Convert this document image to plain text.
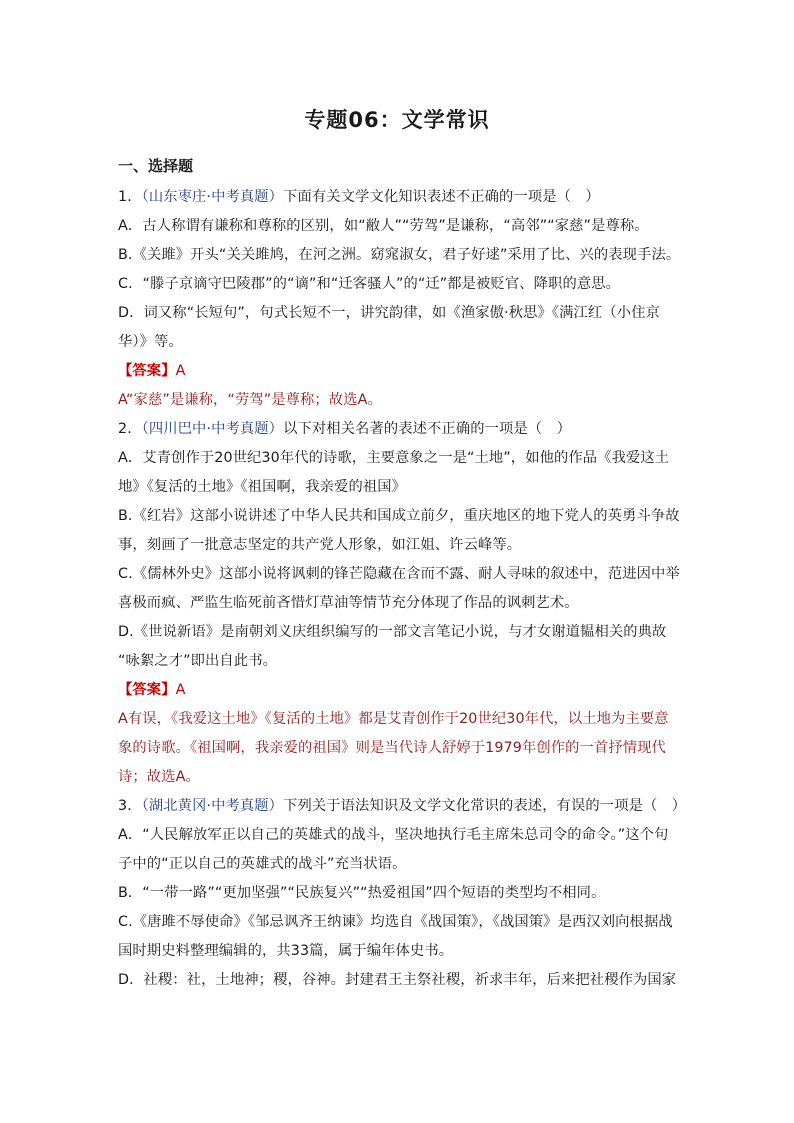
专题06：文学常识
一、选择题
1．（山东枣庄·中考真题）下面有关文学文化知识表述不正确的一项是（　）
A．古人称谓有谦称和尊称的区别，如“敝人”“劳驾”是谦称，“高邻”“家慈”是尊称。
B.《关雎》开头“关关雎鸠，在河之洲。窈窕淑女，君子好逑”采用了比、兴的表现手法。
C．“滕子京谪守巴陵郡”的“谪”和“迁客骚人”的“迁”都是被贬官、降职的意思。
D．词又称“长短句”，句式长短不一，讲究韵律，如《渔家傲·秋思》《满江红（小住京
华）》等。
【答案】A
A“家慈”是谦称，“劳驾”是尊称；故选A。
2．（四川巴中·中考真题）以下对相关名著的表述不正确的一项是（　）
A．艾青创作于20世纪30年代的诗歌，主要意象之一是“土地”，如他的作品《我爱这土
地》《复活的土地》《祖国啊，我亲爱的祖国》
B.《红岩》这部小说讲述了中华人民共和国成立前夕，重庆地区的地下党人的英勇斗争故
事，刻画了一批意志坚定的共产党人形象，如江姐、许云峰等。
C.《儒林外史》这部小说将讽刺的锋芒隐藏在含而不露、耐人寻味的叙述中，范进因中举
喜极而疯、严监生临死前吝惜灯草油等情节充分体现了作品的讽刺艺术。
D.《世说新语》是南朝刘义庆组织编写的一部文言笔记小说，与才女谢道韫相关的典故
“咏絮之才”即出自此书。
【答案】A
A有误，《我爱这土地》《复活的土地》都是艾青创作于20世纪30年代，以土地为主要意
象的诗歌。《祖国啊，我亲爱的祖国》则是当代诗人舒婷于1979年创作的一首抒情现代
诗；故选A。
3．（湖北黄冈·中考真题）下列关于语法知识及文学文化常识的表述，有误的一项是（　）
A．“人民解放军正以自己的英雄式的战斗，坚决地执行毛主席朱总司令的命令。”这个句
子中的“正以自己的英雄式的战斗”充当状语。
B．“一带一路”“更加坚强”“民族复兴”“热爱祖国”四个短语的类型均不相同。
C.《唐雎不辱使命》《邹忌讽齐王纳谏》均选自《战国策》，《战国策》是西汉刘向根据战
国时期史料整理编辑的，共33篇，属于编年体史书。
D．社稷：社，土地神；稷，谷神。封建君王主祭社稷，祈求丰年，后来把社稷作为国家
